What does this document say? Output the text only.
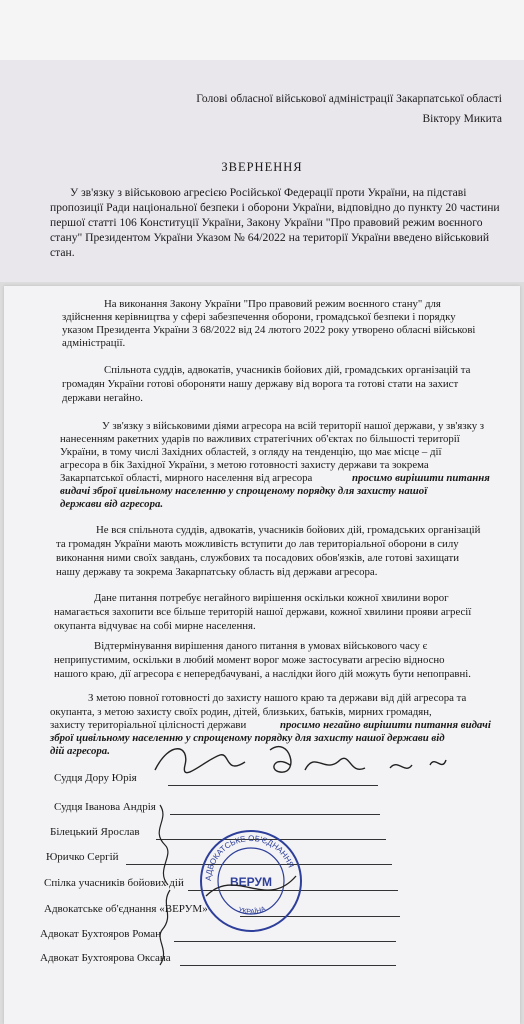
Голові обласної військової адміністрації Закарпатської області
Віктору Микита
ЗВЕРНЕННЯ
У зв'язку з військовою агресією Російської Федерації проти України, на підставі
пропозиції Ради національної безпеки і оборони України, відповідно до пункту 20 частини
першої статті 106 Конституції України, Закону України "Про правовий режим воєнного
стану" Президентом України Указом № 64/2022 на території України введено військовий
стан.
На виконання Закону України "Про правовий режим воєнного стану" для
здійснення керівництва у сфері забезпечення оборони, громадської безпеки і порядку
указом Президента України 3 68/2022 від 24 лютого 2022 року утворено обласні військові
адміністрації.
Спільнота суддів, адвокатів, учасників бойових дій, громадських організацій та
громадян України готові обороняти нашу державу від ворога та готові стати на захист
держави негайно.
У зв'язку з військовими діями агресора на всій території нашої держави, у зв'язку з
нанесенням ракетних ударів по важливих стратегічних об'єктах по більшості території
України, в тому числі Західних областей, з огляду на тенденцію, що має місце – дії
агресора в бік Західної України, з метою готовності захисту держави та зокрема
Закарпатської області, мирного населення від агресора	просимо вирішити питання
видачі зброї цивільному населенню у спрощеному порядку для захисту нашої
держави від агресора.
Не вся спільнота суддів, адвокатів, учасників бойових дій, громадських організацій
та громадян України мають можливість вступити до лав територіальної оборони в силу
виконання ними своїх завдань, службових та посадових обов'язків, але готові захищати
нашу державу та зокрема Закарпатську область від держави агресора.
Дане питання потребує негайного вирішення оскільки кожної хвилини ворог
намагається захопити все більше територій нашої держави, кожної хвилини прояви агресії
окупанта відчуває на собі мирне населення.
Відтермінування вирішення даного питання в умовах військового часу є
неприпустимим, оскільки в любий момент ворог може застосувати агресію відносно
нашого краю, дії агресора є непередбачувані, а наслідки його дій можуть бути непоправні.
З метою повної готовності до захисту нашого краю та держави від дій агресора та
окупанта, з метою захисту своїх родин, дітей, близьких, батьків, мирних громадян,
захисту територіальної цілісності держави	просимо негайно вирішити питання видачі
зброї цивільному населенню у спрощеному порядку для захисту нашої держави від
дій агресора.
Судця Дору Юрія
Судця Іванова Андрія
Білецький Ярослав
Юричко Сергій
Спілка учасників бойових дій
Адвокатське об'єднання «ВЕРУМ»
Адвокат Бухтояров Роман
Адвокат Бухтоярова Оксана
АДВОКАТСЬКЕ ОБ'ЄДНАННЯ
ВЕРУМ
УКРАЇНА
